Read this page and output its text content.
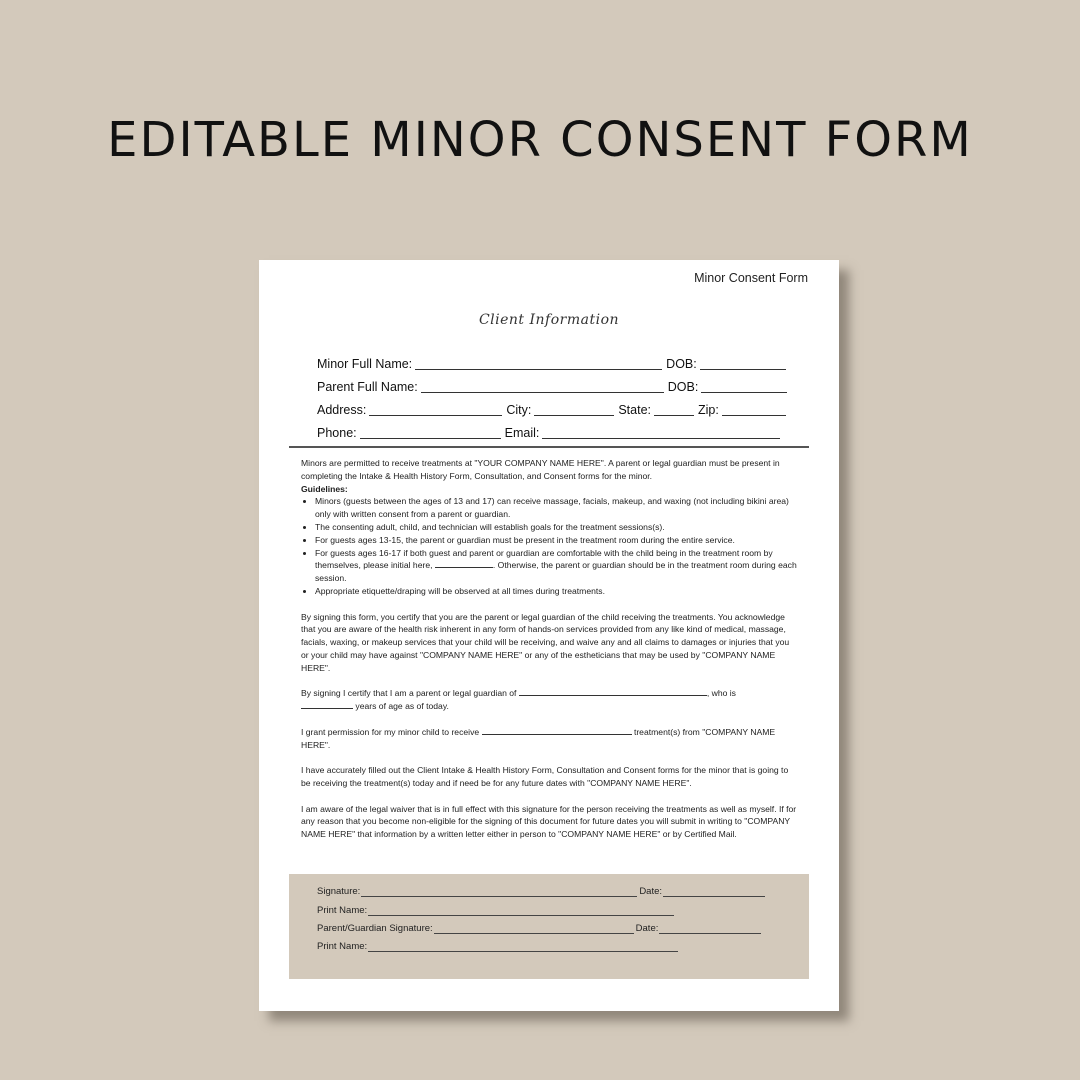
EDITABLE MINOR CONSENT FORM
Minor Consent Form
Client Information
Minor Full Name:	DOB:
Parent Full Name:	DOB:
Address:	City:	State:	Zip:
Phone:	Email:

Minors are permitted to receive treatments at "YOUR COMPANY NAME HERE". A parent or legal guardian must be present in completing the Intake & Health History Form, Consultation, and Consent forms for the minor.
Guidelines:

• Minors (guests between the ages of 13 and 17) can receive massage, facials, makeup, and waxing (not including bikini area) only with written consent from a parent or guardian.
• The consenting adult, child, and technician will establish goals for the treatment sessions(s).
• For guests ages 13-15, the parent or guardian must be present in the treatment room during the entire service.
• For guests ages 16-17 if both guest and parent or guardian are comfortable with the child being in the treatment room by themselves, please initial here,	. Otherwise, the parent or guardian should be in the treatment room during each session.
• Appropriate etiquette/draping will be observed at all times during treatments.

By signing this form, you certify that you are the parent or legal guardian of the child receiving the treatments. You acknowledge that you are aware of the health risk inherent in any form of hands-on services provided from any like kind of medical, massage, facials, waxing, or makeup services that your child will be receiving, and waive any and all claims to damages or injuries that you or your child may have against "COMPANY NAME HERE" or any of the estheticians that may be used by "COMPANY NAME HERE".

By signing I certify that I am a parent or legal guardian of	, who is
years of age as of today.

I grant permission for my minor child to receive	treatment(s) from "COMPANY NAME HERE".

I have accurately filled out the Client Intake & Health History Form, Consultation and Consent forms for the minor that is going to be receiving the treatment(s) today and if need be for any future dates with "COMPANY NAME HERE".

I am aware of the legal waiver that is in full effect with this signature for the person receiving the treatments as well as myself. If for any reason that you become non-eligible for the signing of this document for future dates you will submit in writing to "COMPANY NAME HERE" that information by a written letter either in person to "COMPANY NAME HERE" or by Certified Mail.

Signature:	Date:
Print Name:
Parent/Guardian Signature:	Date:
Print Name:
